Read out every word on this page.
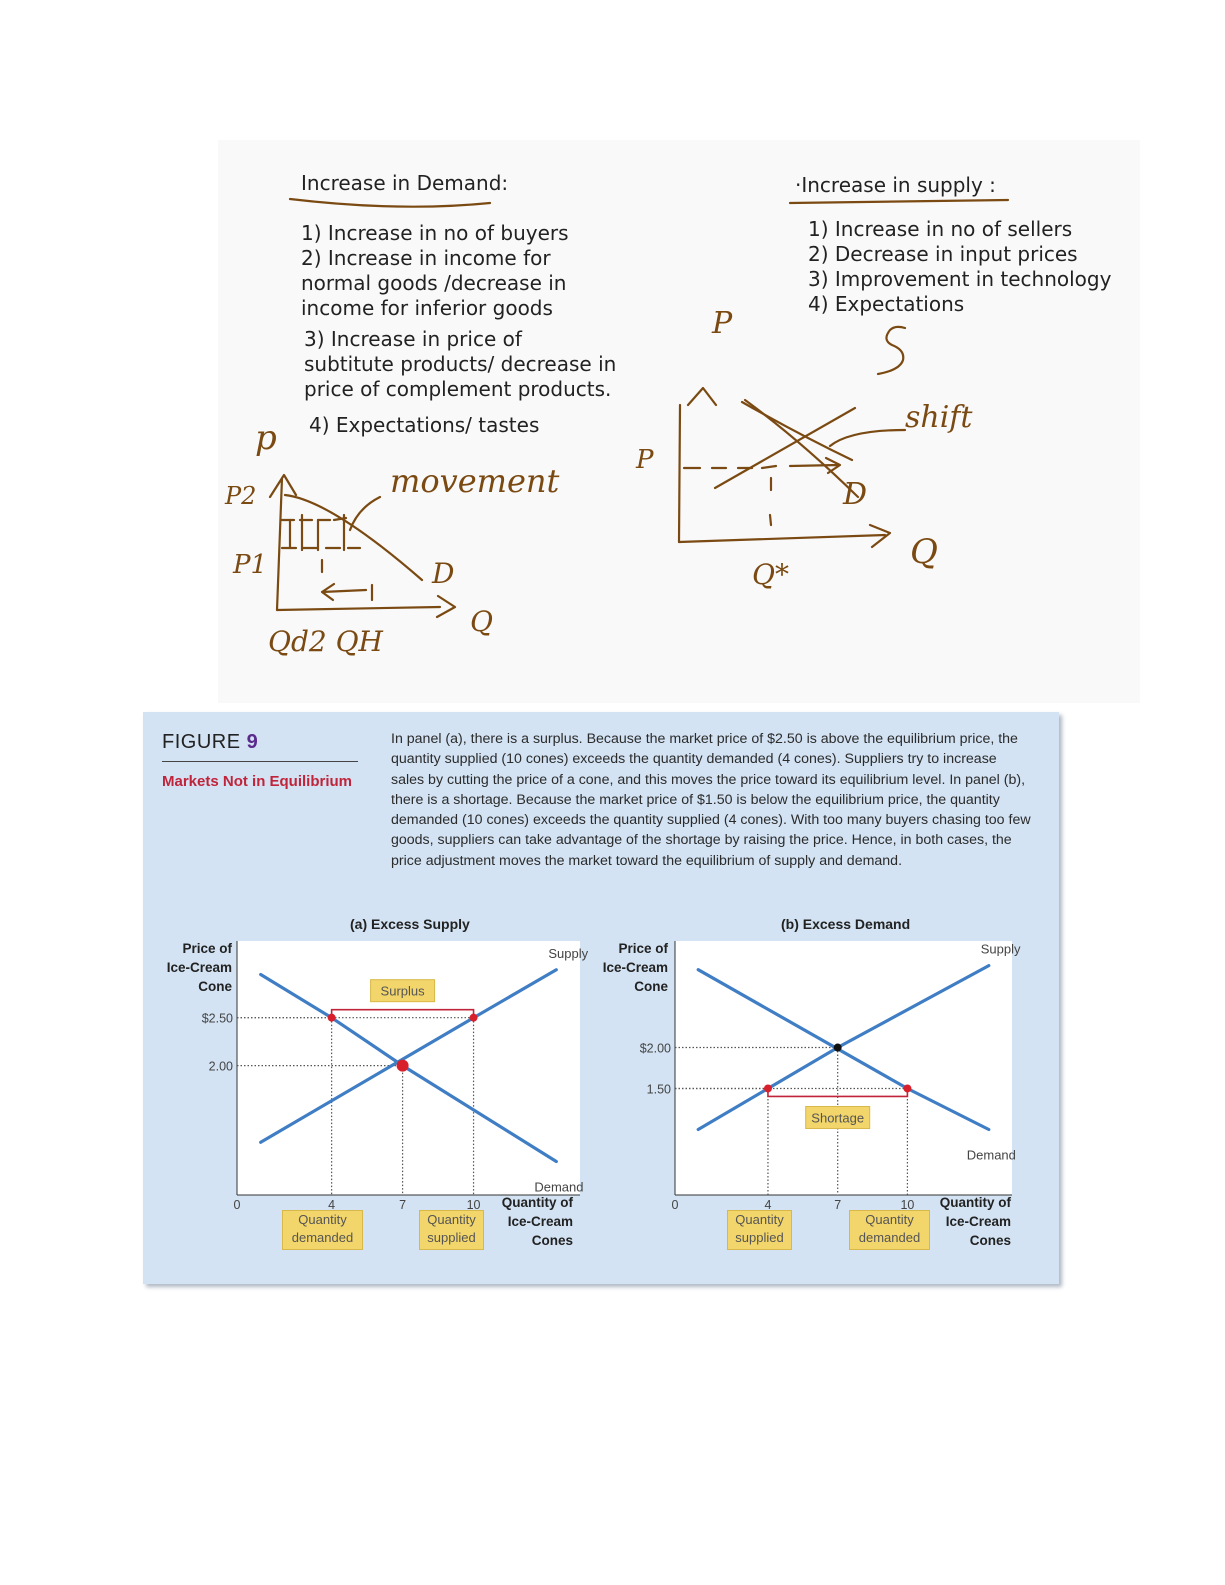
Increase in Demand:
1) Increase in no of buyers
2) Increase in income for
normal goods /decrease in
income for inferior goods
3) Increase in price of
subtitute products/ decrease in
price of complement products.
4) Expectations/ tastes
·Increase in supply :
1) Increase in no of sellers
2) Decrease in input prices
3) Improvement in technology
4) Expectations
p
P2
P1
movement
D
Q
Qd2 QH
P
P
shift
D
Q
Q*
FIGURE 9
Markets Not in Equilibrium
In panel (a), there is a surplus. Because the market price of $2.50 is above the equilibrium price, the quantity supplied (10 cones) exceeds the quantity demanded (4 cones). Suppliers try to increase sales by cutting the price of a cone, and this moves the price toward its equilibrium level. In panel (b), there is a shortage. Because the market price of $1.50 is below the equilibrium price, the quantity demanded (10 cones) exceeds the quantity supplied (4 cones). With too many buyers chasing too few goods, suppliers can take advantage of the shortage by raising the price. Hence, in both cases, the price adjustment moves the market toward the equilibrium of supply and demand.
(a) Excess Supply
Price of
Ice-Cream
Cone
Quantity of
Ice-Cream
Cones
Quantity
demanded
Quantity
supplied
Supply
Demand
Surplus
0	4	7	10
$2.50
2.00
(b) Excess Demand
Price of
Ice-Cream
Cone
Quantity of
Ice-Cream
Cones
Quantity
supplied
Quantity
demanded
Supply
Demand
Shortage
0	4	7	10
$2.00
1.50
